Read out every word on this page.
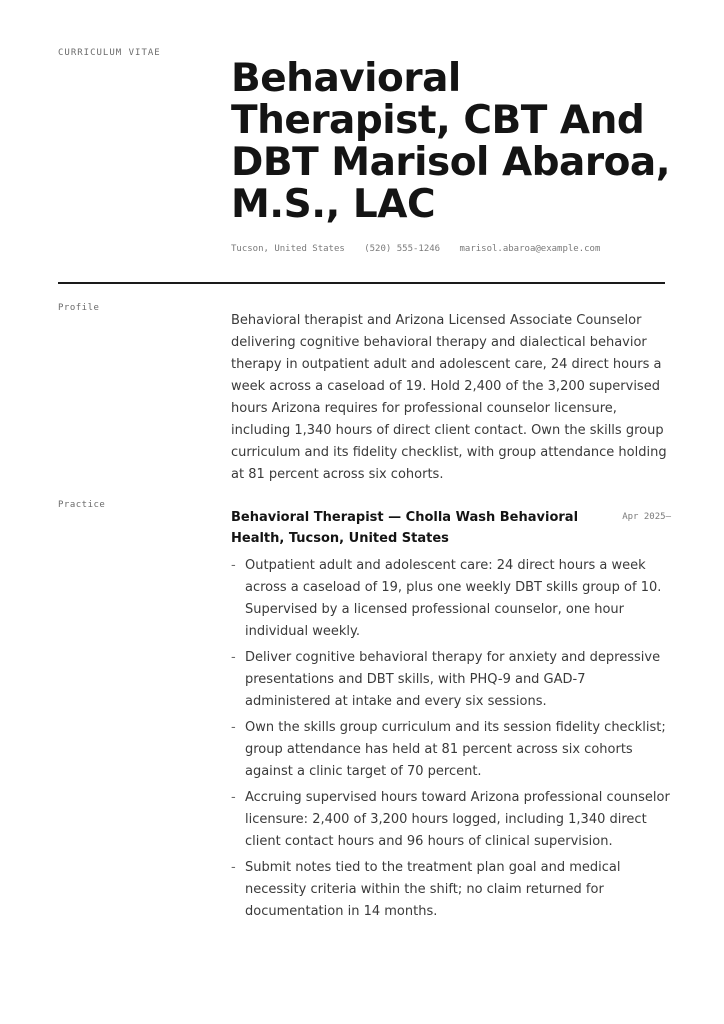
CURRICULUM VITAE
Behavioral Therapist, CBT And DBT Marisol Abaroa, M.S., LAC
Tucson, United States (520) 555-1246 marisol.abaroa@example.com
Profile

Behavioral therapist and Arizona Licensed Associate Counselor delivering cognitive behavioral therapy and dialectical behavior therapy in outpatient adult and adolescent care, 24 direct hours a week across a caseload of 19. Hold 2,400 of the 3,200 supervised hours Arizona requires for professional counselor licensure, including 1,340 hours of direct client contact. Own the skills group curriculum and its fidelity checklist, with group attendance holding at 81 percent across six cohorts.

Practice
Behavioral Therapist — Cholla Wash Behavioral Health, Tucson, United States
Apr 2025–
- Outpatient adult and adolescent care: 24 direct hours a week across a caseload of 19, plus one weekly DBT skills group of 10. Supervised by a licensed professional counselor, one hour individual weekly.
- Deliver cognitive behavioral therapy for anxiety and depressive presentations and DBT skills, with PHQ-9 and GAD-7 administered at intake and every six sessions.
- Own the skills group curriculum and its session fidelity checklist; group attendance has held at 81 percent across six cohorts against a clinic target of 70 percent.
- Accruing supervised hours toward Arizona professional counselor licensure: 2,400 of 3,200 hours logged, including 1,340 direct client contact hours and 96 hours of clinical supervision.
- Submit notes tied to the treatment plan goal and medical necessity criteria within the shift; no claim returned for documentation in 14 months.
